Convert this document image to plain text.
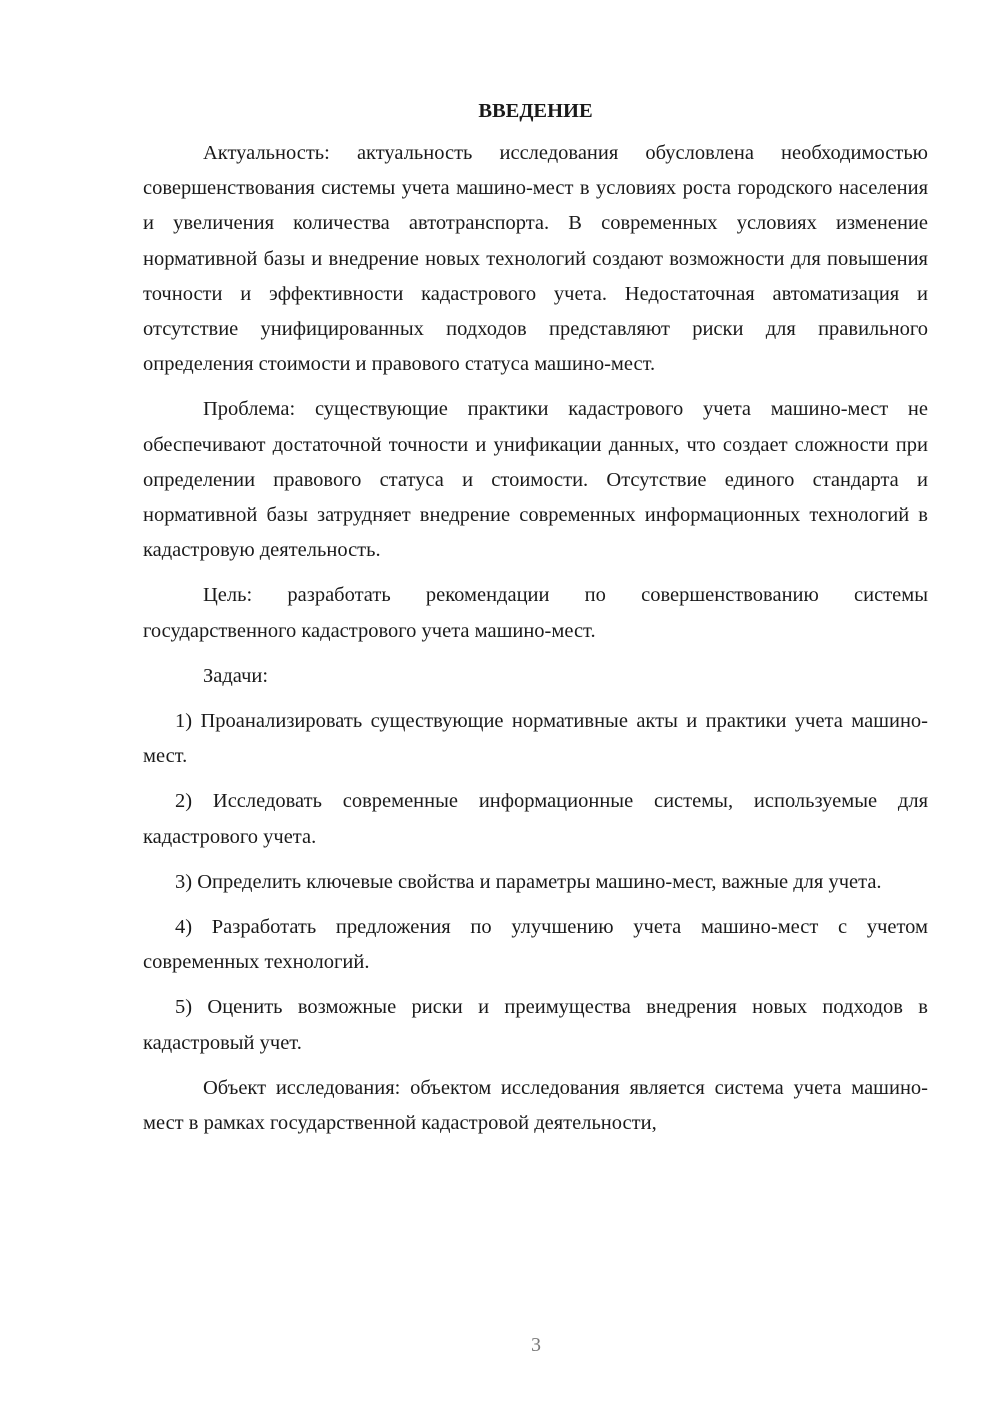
ВВЕДЕНИЕ

Актуальность: актуальность исследования обусловлена необходимостью совершенствования системы учета машино-мест в условиях роста городского населения и увеличения количества автотранспорта. В современных условиях изменение нормативной базы и внедрение новых технологий создают возможности для повышения точности и эффективности кадастрового учета. Недостаточная автоматизация и отсутствие унифицированных подходов представляют риски для правильного определения стоимости и правового статуса машино-мест.

Проблема: существующие практики кадастрового учета машино-мест не обеспечивают достаточной точности и унификации данных, что создает сложности при определении правового статуса и стоимости. Отсутствие единого стандарта и нормативной базы затрудняет внедрение современных информационных технологий в кадастровую деятельность.

Цель: разработать рекомендации по совершенствованию системы государственного кадастрового учета машино-мест.

Задачи:

1) Проанализировать существующие нормативные акты и практики учета машино-мест.

2) Исследовать современные информационные системы, используемые для кадастрового учета.

3) Определить ключевые свойства и параметры машино-мест, важные для учета.

4) Разработать предложения по улучшению учета машино-мест с учетом современных технологий.

5) Оценить возможные риски и преимущества внедрения новых подходов в кадастровый учет.

Объект исследования: объектом исследования является система учета машино-мест в рамках государственной кадастровой деятельности,

3
